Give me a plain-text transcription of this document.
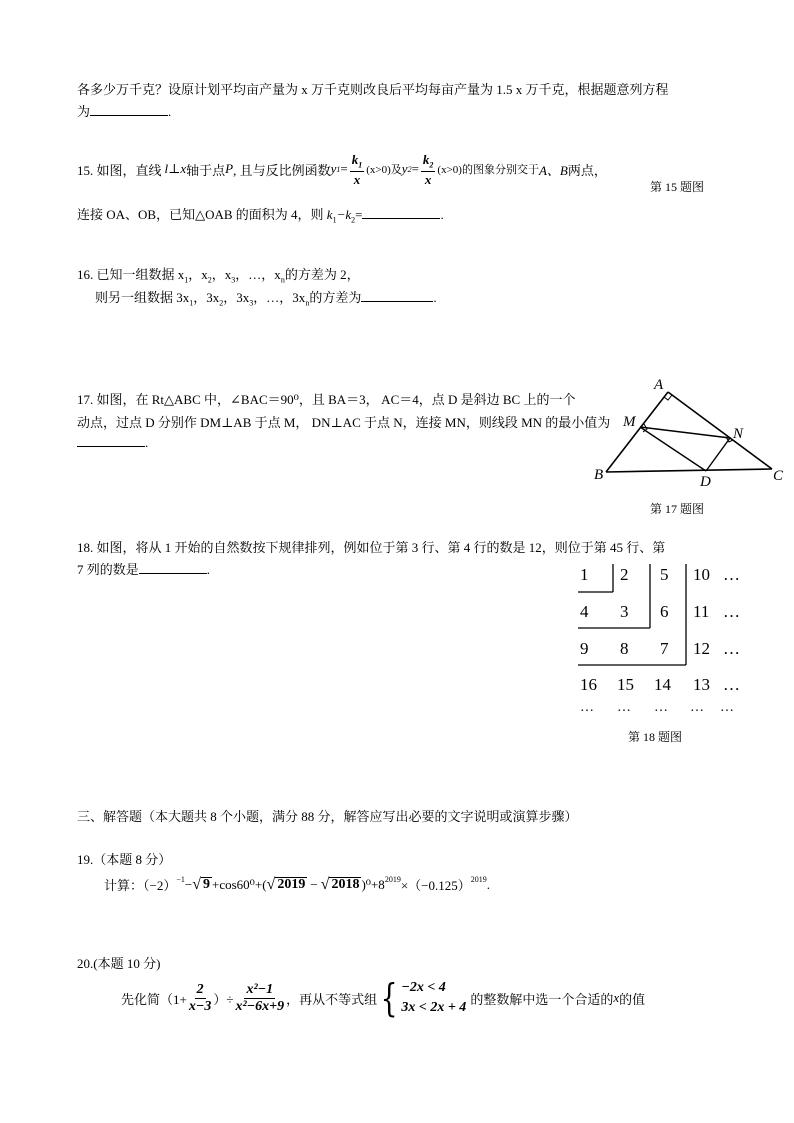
各多少万千克？设原计划平均亩产量为 x 万千克则改良后平均每亩产量为 1.5 x 万千克，根据题意列方程
为	.
15. 如图，直线 l ⊥ x 轴于点 P , 且与反比例函数 y $1 = \frac{k_1}{x} (x>0)$及 y $2 = \frac{k_2}{x} (x>0)$的图象分别交于 A、B 两点，
第 15 题图
连接 OA、OB，已知△OAB 的面积为 4，则 $k_1-k_2=$	.
16. 已知一组数据 $x_1$，$x_2$，$x_3$，…，$x_n$的方差为 2，
则另一组数据 $3x_1$，$3x_2$，$3x_3$，…，$3x_n$的方差为	.
17. 如图，在 Rt△ABC 中，∠BAC＝90⁰，且 BA＝3， AC＝4，点 D 是斜边 BC 上的一个
动点，过点 D 分别作 DM⊥AB 于点 M， DN⊥AC 于点 N，连接 MN，则线段 MN 的最小值为
.
A
M
N
B	C
D
第 17 题图
18. 如图，将从 1 开始的自然数按下规律排列，例如位于第 3 行、第 4 行的数是 12，则位于第 45 行、第
7 列的数是	.	1 2 5 10 …
4 3 6 11 …
9 8 7 12 …
16 15 14 13 …
… … … … …
第 18 题图
三、解答题（本大题共 8 个小题，满分 88 分，解答应写出必要的文字说明或演算步骤）
19.（本题 8 分）
计算：$(-2)^{-1}$ − √ 9 +cos60⁰+( √ 2019 − √ 2018 )$^0+8^{2019} \times(-0.125)^{2019}$ .
20.(本题 10 分)
先化简（$1+ \frac{2}{x-3}$ ）÷ $\frac{\text{x²−1}}{\text{x²−6x+9}}$ ，再从不等式组 { −2x < 4
3x < 2x + 4
的整数解中选一个合适的 x 的值
